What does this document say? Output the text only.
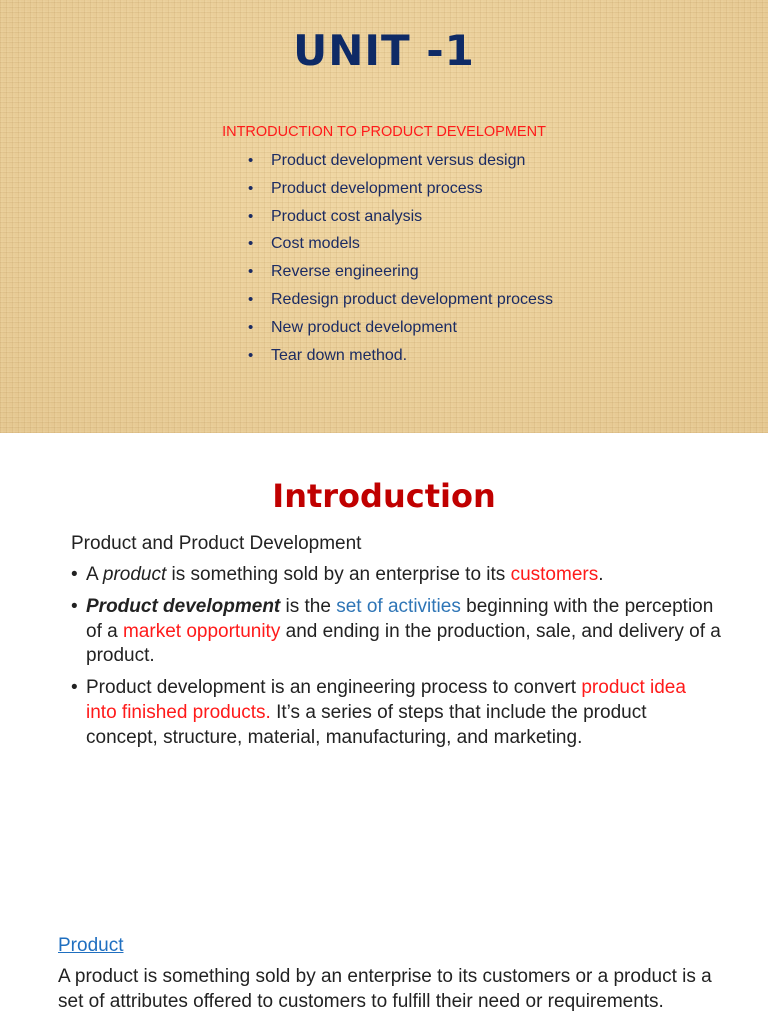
UNIT -1
INTRODUCTION TO PRODUCT DEVELOPMENT
• Product development versus design
• Product development process
• Product cost analysis
• Cost models
• Reverse engineering
• Redesign product development process
• New product development
• Tear down method.
Introduction
Product and Product Development
• A product is something sold by an enterprise to its customers.
• Product development is the set of activities beginning with the perception of a market opportunity and ending in the production, sale, and delivery of a product.
• Product development is an engineering process to convert product idea into finished products. It’s a series of steps that include the product concept, structure, material, manufacturing, and marketing.
Product
A product is something sold by an enterprise to its customers or a product is a set of attributes offered to customers to fulfill their need or requirements.
